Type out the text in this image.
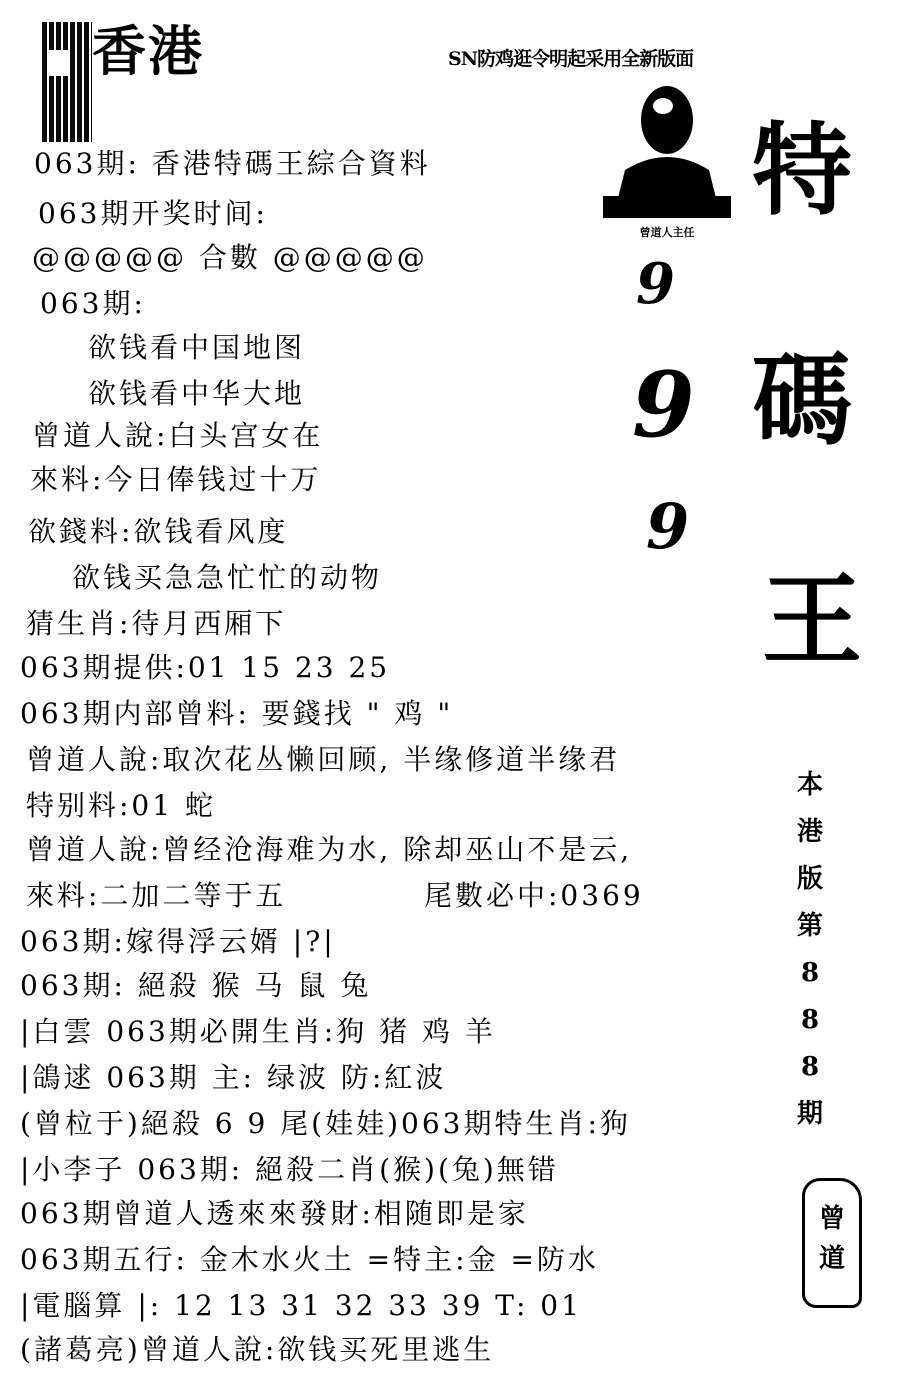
香港	SN防鸡逛令明起采用全新版面
063期: 香港特碼王綜合資料
063期开奖时间:
@@@@@ 合數 @@@@@
063期:
欲钱看中国地图
欲钱看中华大地
曾道人說:白头宫女在
來料:今日俸钱过十万
欲錢料:欲钱看风度
欲钱买急急忙忙的动物
猜生肖:待月西厢下
063期提供:01 15 23 25
063期内部曾料: 要錢找 " 鸡 "
曾道人說:取次花丛懒回顾, 半缘修道半缘君
特别料:01 蛇
曾道人說:曾经沧海难为水, 除却巫山不是云,
來料:二加二等于五	尾數必中:0369
063期:嫁得浮云婿 |?|
063期: 絕殺 猴 马 鼠 兔
|白雲 063期必開生肖:狗 猪 鸡 羊
|鴿逑 063期 主: 绿波 防:紅波
(曾柆于)絕殺 6 9 尾(娃娃)063期特生肖:狗
|小李子 063期: 絕殺二肖(猴)(兔)無错
063期曾道人透來來發財:相随即是家
063期五行: 金木水火土 =特主:金 =防水
|電腦算 |: 12 13 31 32 33 39 T: 01
(諸葛亮)曾道人說:欲钱买死里逃生
曾道人主任
9
9
9
特
碼
王
本
港
版
第
8
8
8
期
曾
道
